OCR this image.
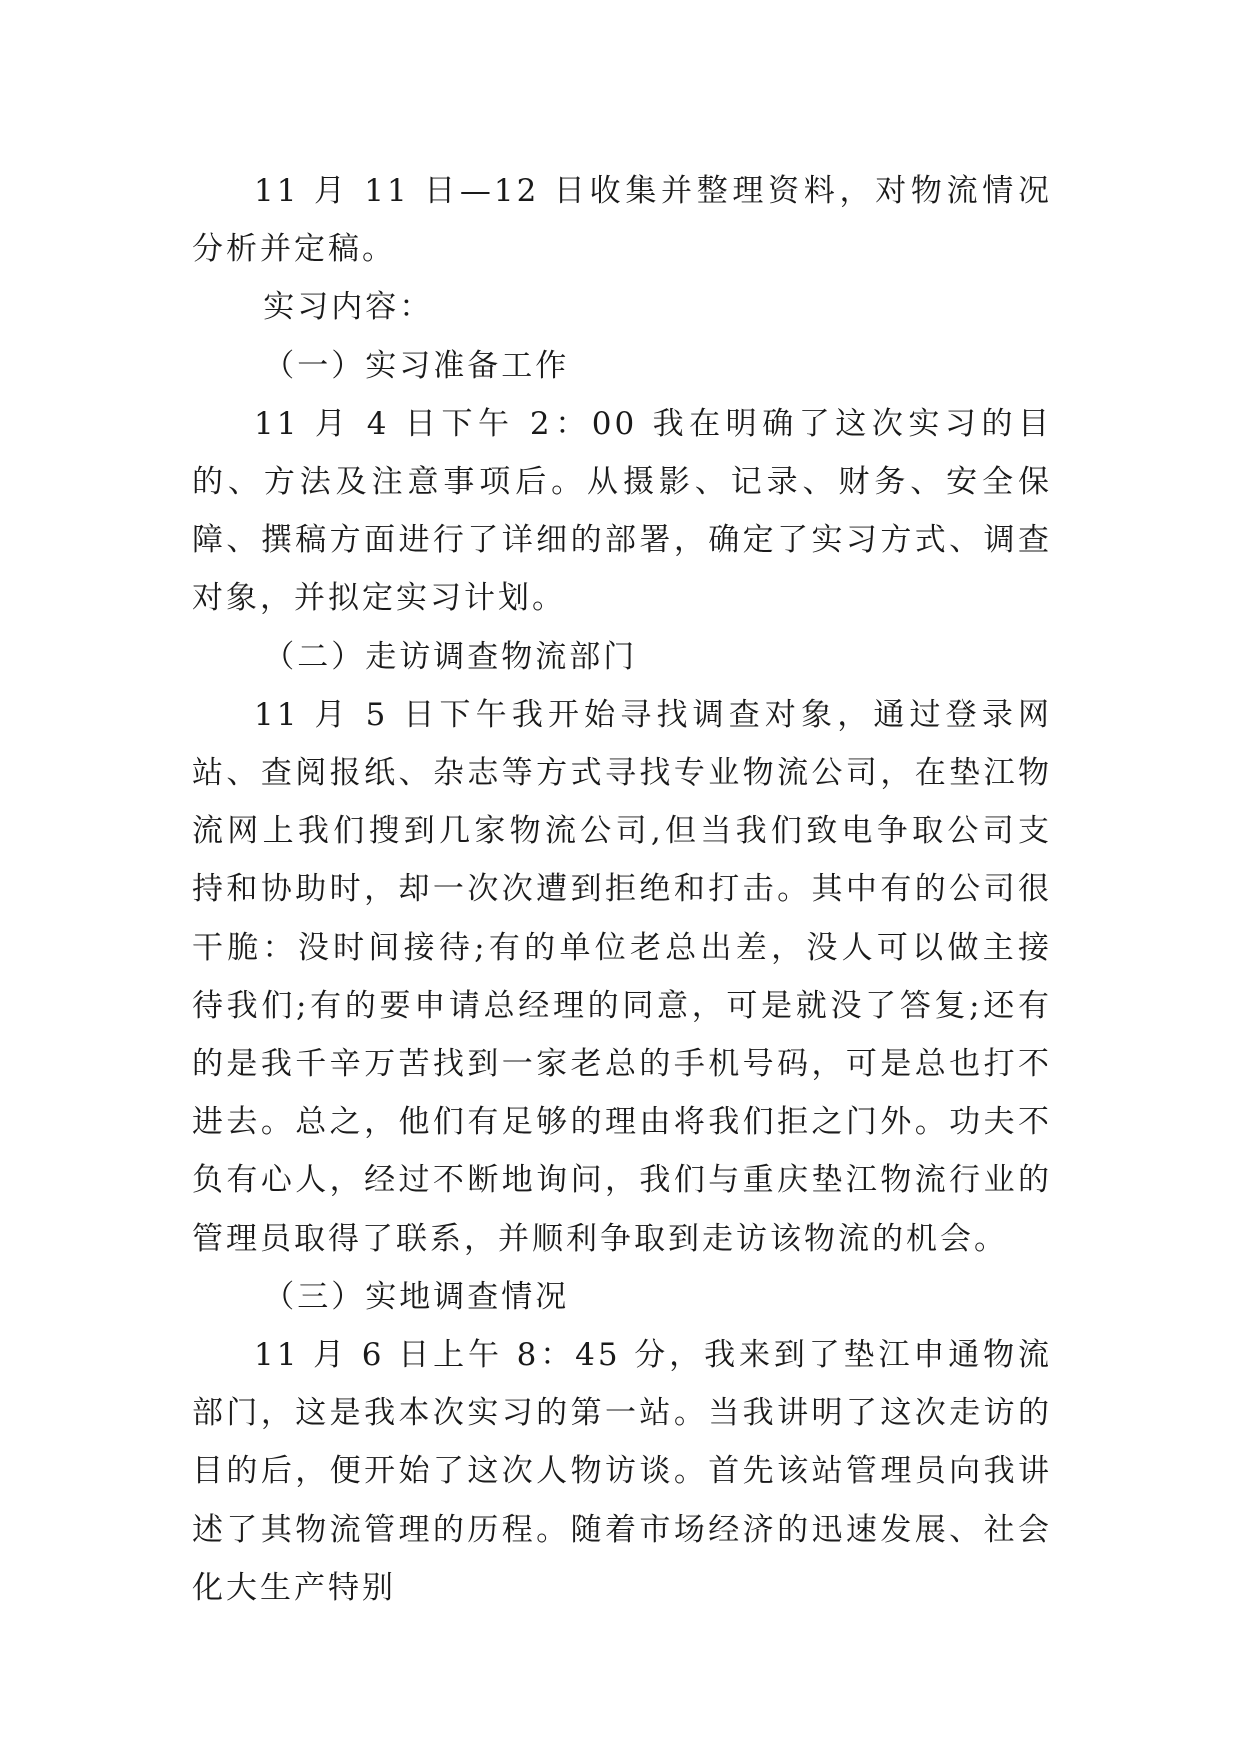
11 月 11 日—12 日收集并整理资料，对物流情况分析并定稿。

实习内容：

（一）实习准备工作

11 月 4 日下午 2：00 我在明确了这次实习的目的、方法及注意事项后。从摄影、记录、财务、安全保障、撰稿方面进行了详细的部署，确定了实习方式、调查对象，并拟定实习计划。

（二）走访调查物流部门

11 月 5 日下午我开始寻找调查对象，通过登录网站、查阅报纸、杂志等方式寻找专业物流公司，在垫江物流网上我们搜到几家物流公司,但当我们致电争取公司支持和协助时，却一次次遭到拒绝和打击。其中有的公司很干脆：没时间接待;有的单位老总出差，没人可以做主接待我们;有的要申请总经理的同意，可是就没了答复;还有的是我千辛万苦找到一家老总的手机号码，可是总也打不进去。总之，他们有足够的理由将我们拒之门外。功夫不负有心人，经过不断地询问，我们与重庆垫江物流行业的管理员取得了联系，并顺利争取到走访该物流的机会。

（三）实地调查情况

11 月 6 日上午 8：45 分，我来到了垫江申通物流部门，这是我本次实习的第一站。当我讲明了这次走访的目的后，便开始了这次人物访谈。首先该站管理员向我讲述了其物流管理的历程。随着市场经济的迅速发展、社会化大生产特别
